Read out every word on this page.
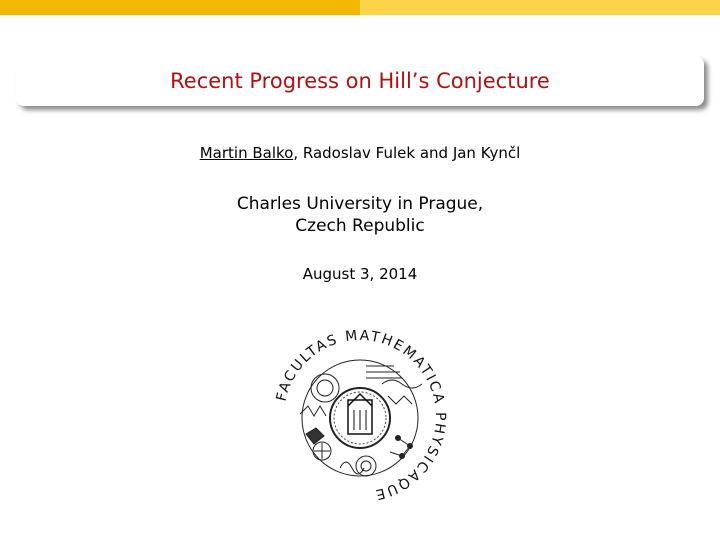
Recent Progress on Hill’s Conjecture
Martin Balko, Radoslav Fulek and Jan Kynčl
Charles University in Prague,
Czech Republic
August 3, 2014
FACULTAS MATHEMATICA PHYSICAQUE
